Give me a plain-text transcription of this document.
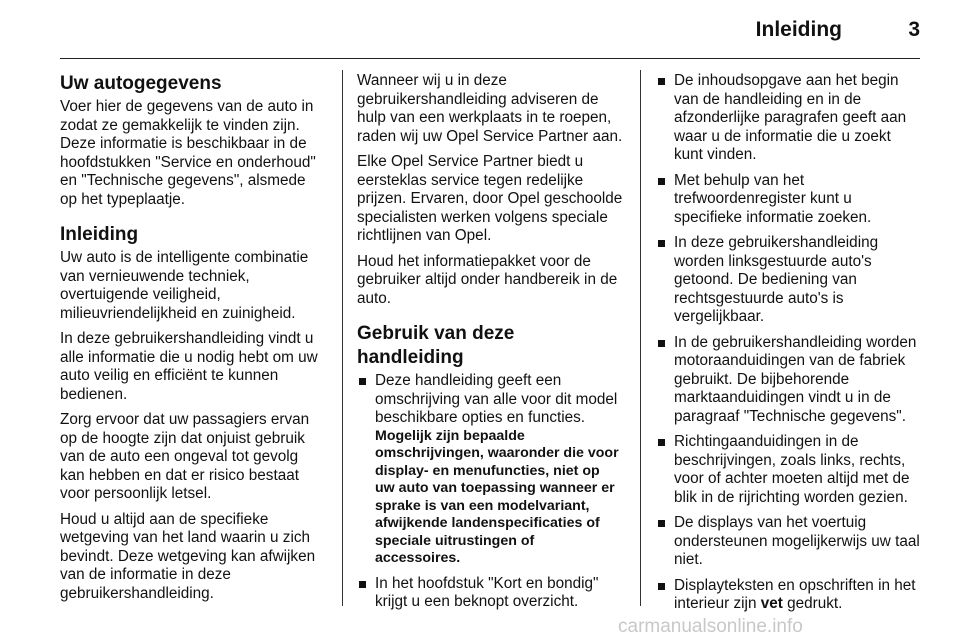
Inleiding	3
Uw autogegevens

Voer hier de gegevens van de auto in zodat ze gemakkelijk te vinden zijn. Deze informatie is beschikbaar in de hoofdstukken "Service en onderhoud" en "Technische gegevens", alsmede op het typeplaatje.

Inleiding

Uw auto is de intelligente combinatie van vernieuwende techniek, overtuigende veiligheid, milieuvriendelijkheid en zuinigheid.

In deze gebruikershandleiding vindt u alle informatie die u nodig hebt om uw auto veilig en efficiënt te kunnen bedienen.

Zorg ervoor dat uw passagiers ervan op de hoogte zijn dat onjuist gebruik van de auto een ongeval tot gevolg kan hebben en dat er risico bestaat voor persoonlijk letsel.

Houd u altijd aan de specifieke wetgeving van het land waarin u zich bevindt. Deze wetgeving kan afwijken van de informatie in deze gebruikershandleiding.

Wanneer wij u in deze gebruikershandleiding adviseren de hulp van een werkplaats in te roepen, raden wij uw Opel Service Partner aan.

Elke Opel Service Partner biedt u eersteklas service tegen redelijke prijzen. Ervaren, door Opel geschoolde specialisten werken volgens speciale richtlijnen van Opel.

Houd het informatiepakket voor de gebruiker altijd onder handbereik in de auto.

Gebruik van deze handleiding
Deze handleiding geeft een omschrijving van alle voor dit model beschikbare opties en functies.
Mogelijk zijn bepaalde omschrijvingen, waaronder die voor display- en menufuncties, niet op uw auto van toepassing wanneer er sprake is van een modelvariant, afwijkende landenspecificaties of speciale uitrustingen of accessoires.
In het hoofdstuk "Kort en bondig" krijgt u een beknopt overzicht.
De inhoudsopgave aan het begin van de handleiding en in de afzonderlijke paragrafen geeft aan waar u de informatie die u zoekt kunt vinden.
Met behulp van het trefwoordenregister kunt u specifieke informatie zoeken.
In deze gebruikershandleiding worden linksgestuurde auto's getoond. De bediening van rechtsgestuurde auto's is vergelijkbaar.
In de gebruikershandleiding worden motoraanduidingen van de fabriek gebruikt. De bijbehorende marktaanduidingen vindt u in de paragraaf "Technische gegevens".
Richtingaanduidingen in de beschrijvingen, zoals links, rechts, voor of achter moeten altijd met de blik in de rijrichting worden gezien.
De displays van het voertuig ondersteunen mogelijkerwijs uw taal niet.
Displayteksten en opschriften in het interieur zijn vet gedrukt.
carmanualsonline.info
